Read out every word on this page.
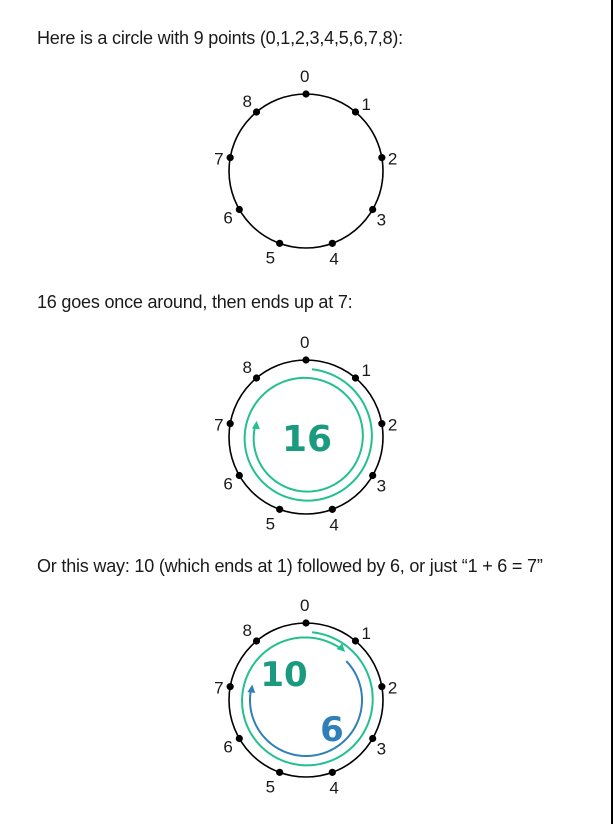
Here is a circle with 9 points (0,1,2,3,4,5,6,7,8):
16 goes once around, then ends up at 7:
Or this way: 10 (which ends at 1) followed by 6, or just “1 + 6 = 7”
0
1
2
3
4
5
6
7
8
0
1
2
3
4
5
6
7
8
16
0
1
2
3
4
5
6
7
8
10
6
